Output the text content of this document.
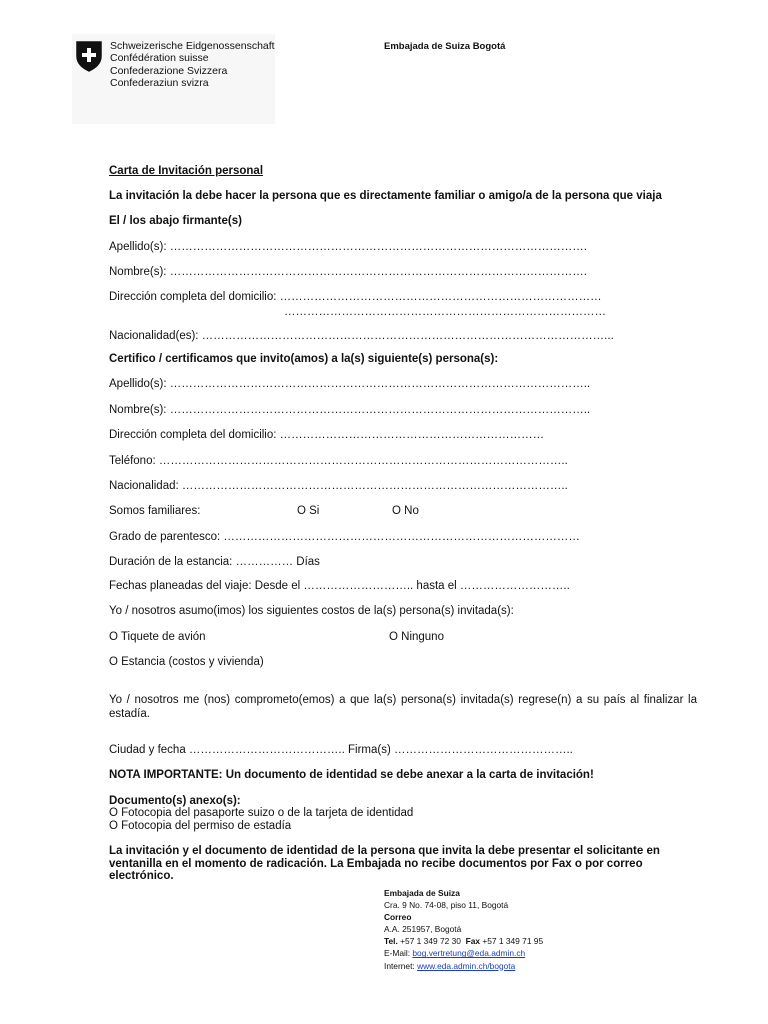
Schweizerische Eidgenossenschaft
Confédération suisse
Confederazione Svizzera
Confederaziun svizra
Embajada de Suiza Bogotá
Carta de Invitación personal
La invitación la debe hacer la persona que es directamente familiar o amigo/a de la persona que viaja
El / los abajo firmante(s)
Apellido(s): ……………………………………………………………………………………………….
Nombre(s): ……………………………………………………………………………………………….
Dirección completa del domicilio: …………………………………………………………………………
…………………………………………………………………………
Nacionalidad(es): ……………………………………………………………………………………………...
Certifico / certificamos que invito(amos) a la(s) siguiente(s) persona(s):
Apellido(s): ………………………………………………………………………………………………..
Nombre(s): ………………………………………………………………………………………………..
Dirección completa del domicilio: ……………………………………………………………
Teléfono: ……………………………………………………………………………………………..
Nacionalidad: ………………………………………………………………………………………..
Somos familiares:	O Si	O No
Grado de parentesco: …………………………………………………………………………………
Duración de la estancia: …………… Días
Fechas planeadas del viaje: Desde el ……………………….. hasta el ………………………..
Yo / nosotros asumo(imos) los siguientes costos de la(s) persona(s) invitada(s):
O Tiquete de avión	O Ninguno
O Estancia (costos y vivienda)
Yo / nosotros me (nos) comprometo(emos) a que la(s) persona(s) invitada(s) regrese(n) a su país al finalizar la estadía.
Ciudad y fecha ………………………………….. Firma(s) ………………………………………..
NOTA IMPORTANTE: Un documento de identidad se debe anexar a la carta de invitación!
Documento(s) anexo(s):
O Fotocopia del pasaporte suizo o de la tarjeta de identidad
O Fotocopia del permiso de estadía
La invitación y el documento de identidad de la persona que invita la debe presentar el solicitante en ventanilla en el momento de radicación. La Embajada no recibe documentos por Fax o por correo electrónico.
Embajada de Suiza
Cra. 9 No. 74-08, piso 11, Bogotá
Correo
A.A. 251957, Bogotá
Tel. +57 1 349 72 30 Fax +57 1 349 71 95
E-Mail: bog.vertretung@eda.admin.ch
Internet: www.eda.admin.ch/bogota
